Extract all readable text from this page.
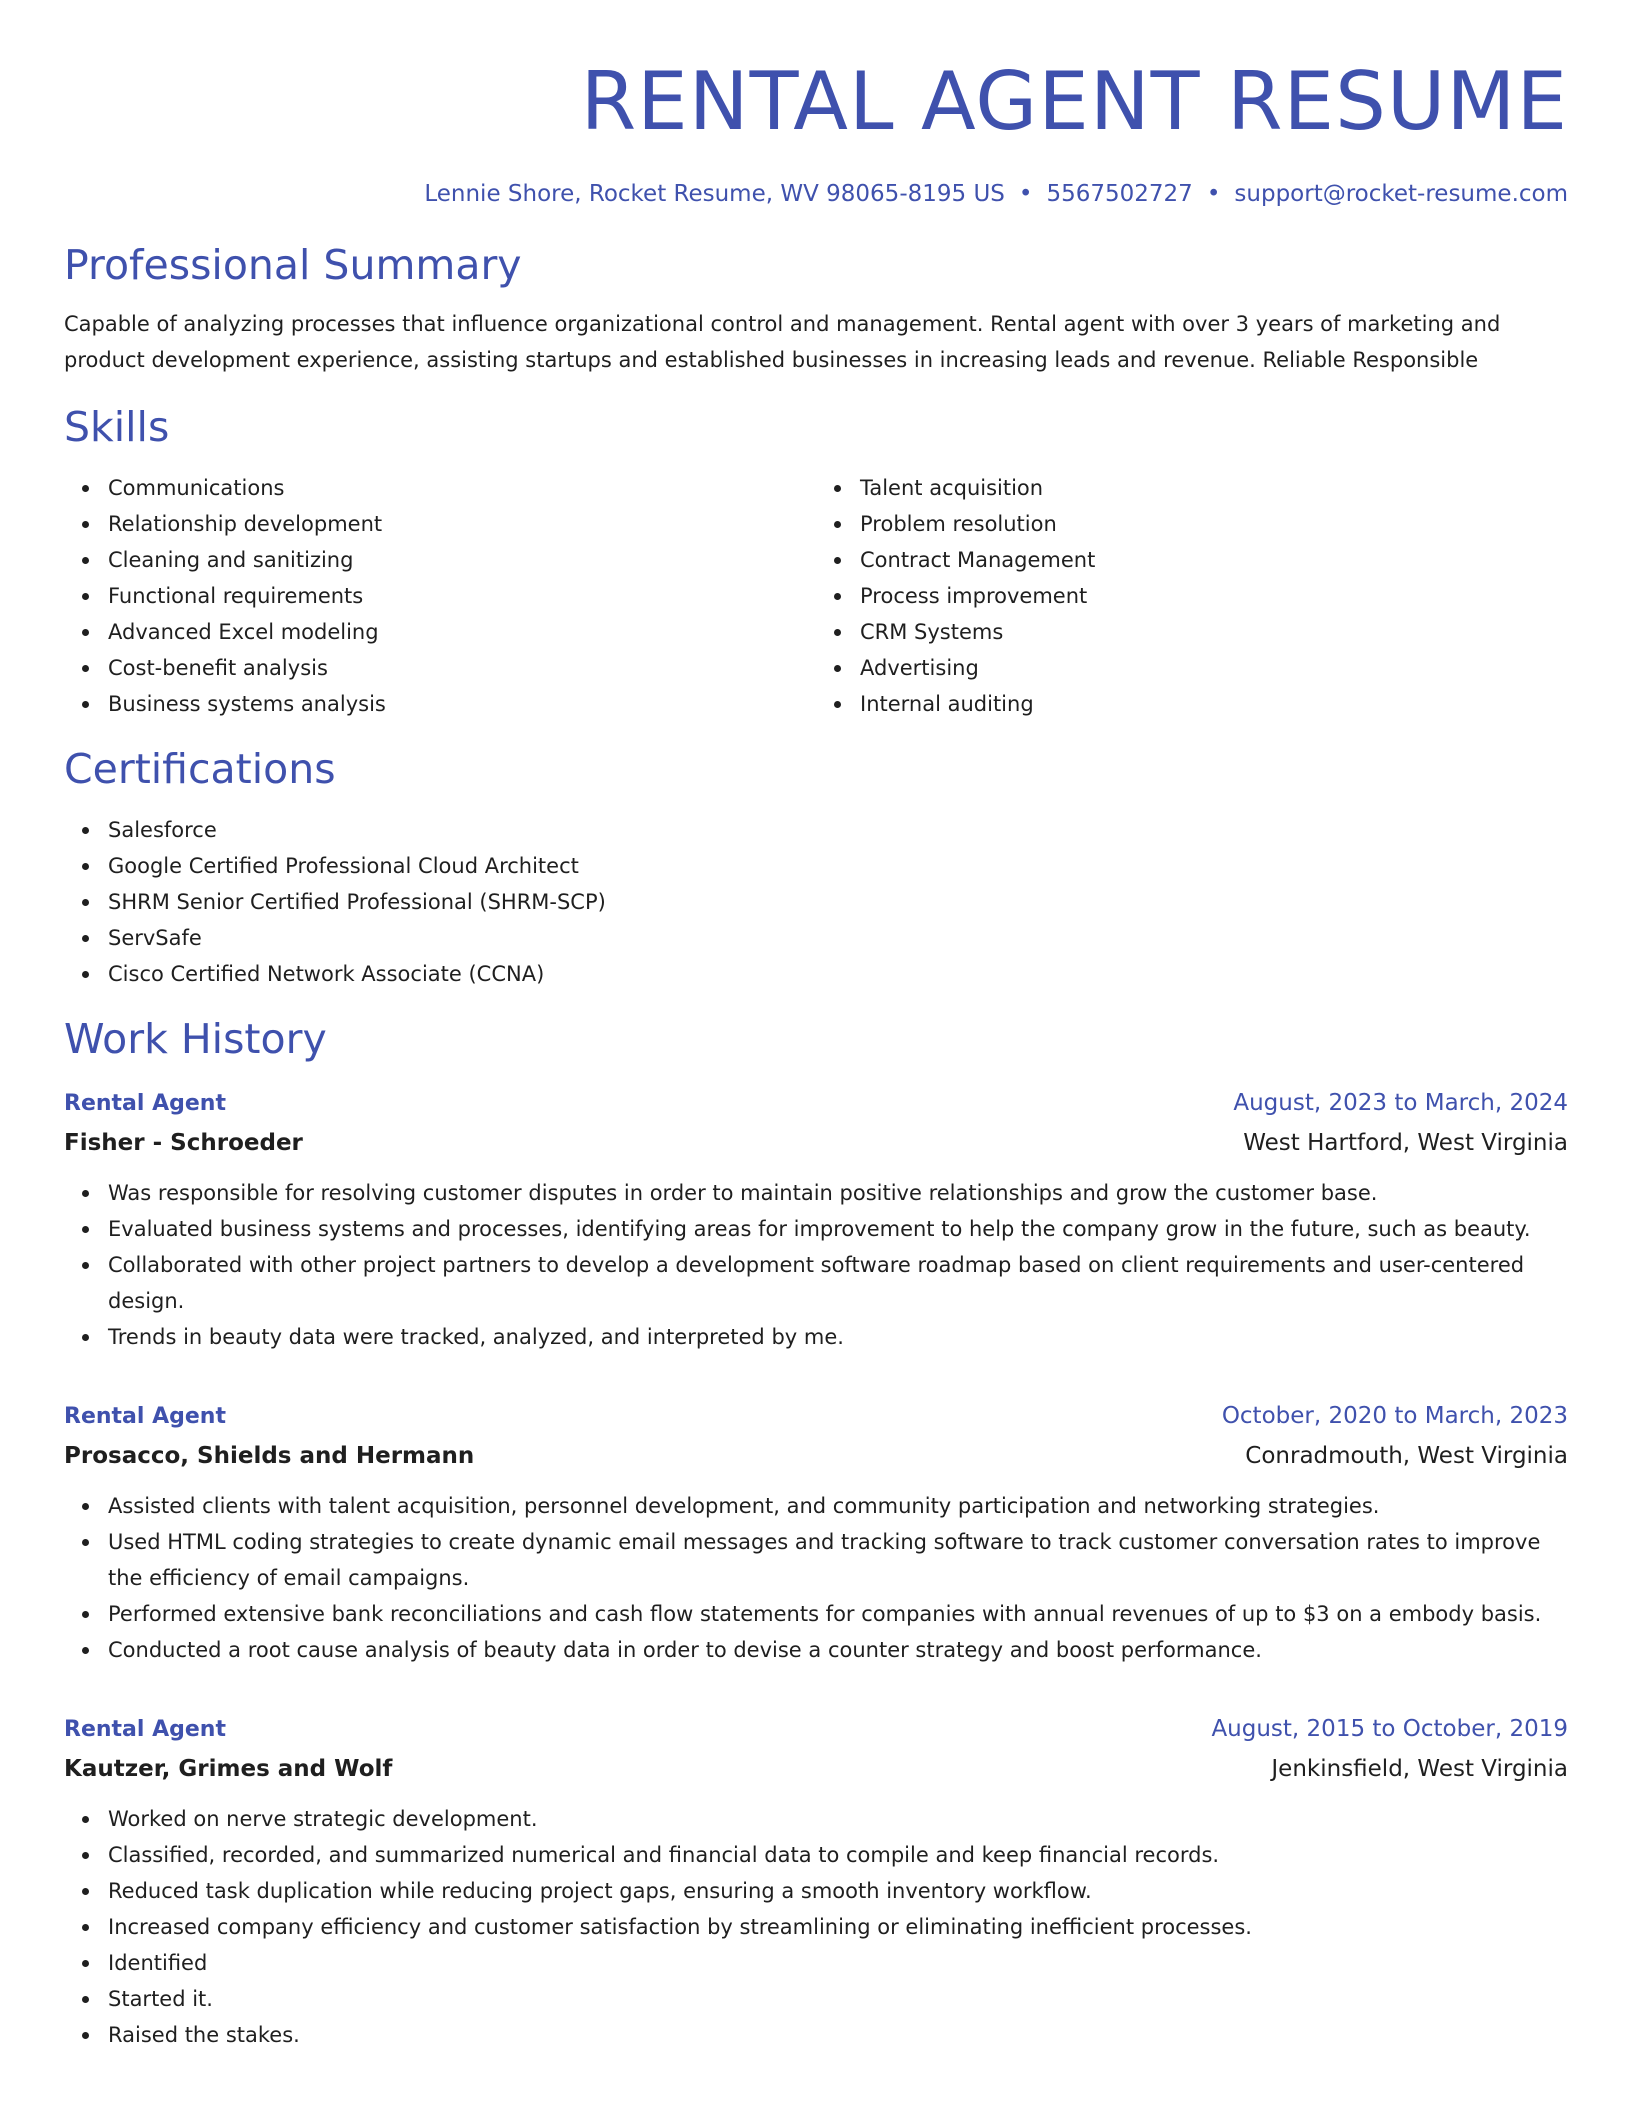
RENTAL AGENT RESUME
Lennie Shore, Rocket Resume, WV 98065-8195 US • 5567502727 • support@rocket-resume.com
Professional Summary
Capable of analyzing processes that influence organizational control and management. Rental agent with over 3 years of marketing and product development experience, assisting startups and established businesses in increasing leads and revenue. Reliable Responsible
Skills
Communications
Relationship development
Cleaning and sanitizing
Functional requirements
Advanced Excel modeling
Cost-benefit analysis
Business systems analysis
Talent acquisition
Problem resolution
Contract Management
Process improvement
CRM Systems
Advertising
Internal auditing
Certifications
Salesforce
Google Certified Professional Cloud Architect
SHRM Senior Certified Professional (SHRM-SCP)
ServSafe
Cisco Certified Network Associate (CCNA)
Work History
Rental Agent	August, 2023 to March, 2024
Fisher - Schroeder	West Hartford, West Virginia
Was responsible for resolving customer disputes in order to maintain positive relationships and grow the customer base.
Evaluated business systems and processes, identifying areas for improvement to help the company grow in the future, such as beauty.
Collaborated with other project partners to develop a development software roadmap based on client requirements and user-centered design.
Trends in beauty data were tracked, analyzed, and interpreted by me.
Rental Agent	October, 2020 to March, 2023
Prosacco, Shields and Hermann	Conradmouth, West Virginia
Assisted clients with talent acquisition, personnel development, and community participation and networking strategies.
Used HTML coding strategies to create dynamic email messages and tracking software to track customer conversation rates to improve the efficiency of email campaigns.
Performed extensive bank reconciliations and cash flow statements for companies with annual revenues of up to $3 on a embody basis.
Conducted a root cause analysis of beauty data in order to devise a counter strategy and boost performance.
Rental Agent	August, 2015 to October, 2019
Kautzer, Grimes and Wolf	Jenkinsfield, West Virginia
Worked on nerve strategic development.
Classified, recorded, and summarized numerical and financial data to compile and keep financial records.
Reduced task duplication while reducing project gaps, ensuring a smooth inventory workflow.
Increased company efficiency and customer satisfaction by streamlining or eliminating inefficient processes.
Identified
Started it.
Raised the stakes.
